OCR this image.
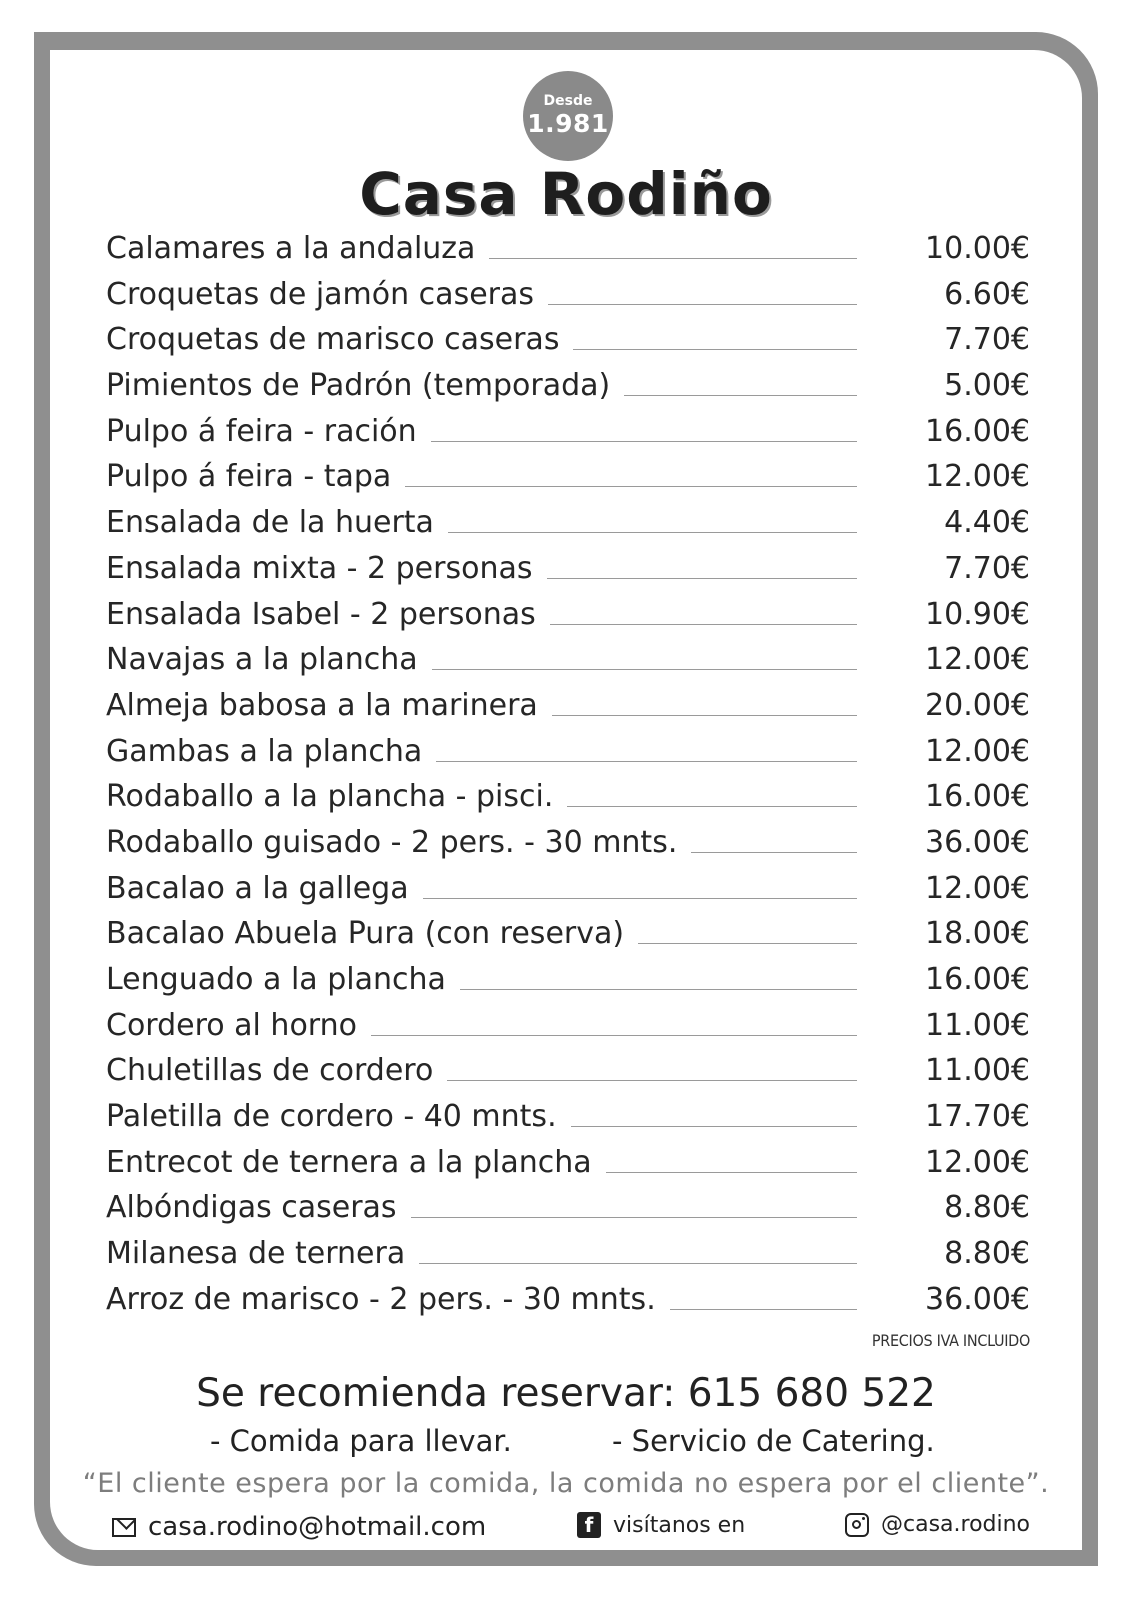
Desde
1.981
Casa Rodiño
Calamares a la andaluza	10.00€
Croquetas de jamón caseras	6.60€
Croquetas de marisco caseras	7.70€
Pimientos de Padrón (temporada)	5.00€
Pulpo á feira - ración	16.00€
Pulpo á feira - tapa	12.00€
Ensalada de la huerta	4.40€
Ensalada mixta - 2 personas	7.70€
Ensalada Isabel - 2 personas	10.90€
Navajas a la plancha	12.00€
Almeja babosa a la marinera	20.00€
Gambas a la plancha	12.00€
Rodaballo a la plancha - pisci.	16.00€
Rodaballo guisado - 2 pers. - 30 mnts.	36.00€
Bacalao a la gallega	12.00€
Bacalao Abuela Pura (con reserva)	18.00€
Lenguado a la plancha	16.00€
Cordero al horno	11.00€
Chuletillas de cordero	11.00€
Paletilla de cordero - 40 mnts.	17.70€
Entrecot de ternera a la plancha	12.00€
Albóndigas caseras	8.80€
Milanesa de ternera	8.80€
Arroz de marisco - 2 pers. - 30 mnts.	36.00€
PRECIOS IVA INCLUIDO
Se recomienda reservar: 615 680 522
- Comida para llevar.	- Servicio de Catering.
“El cliente espera por la comida, la comida no espera por el cliente”.
casa.rodino@hotmail.com	f visítanos en	@casa.rodino
